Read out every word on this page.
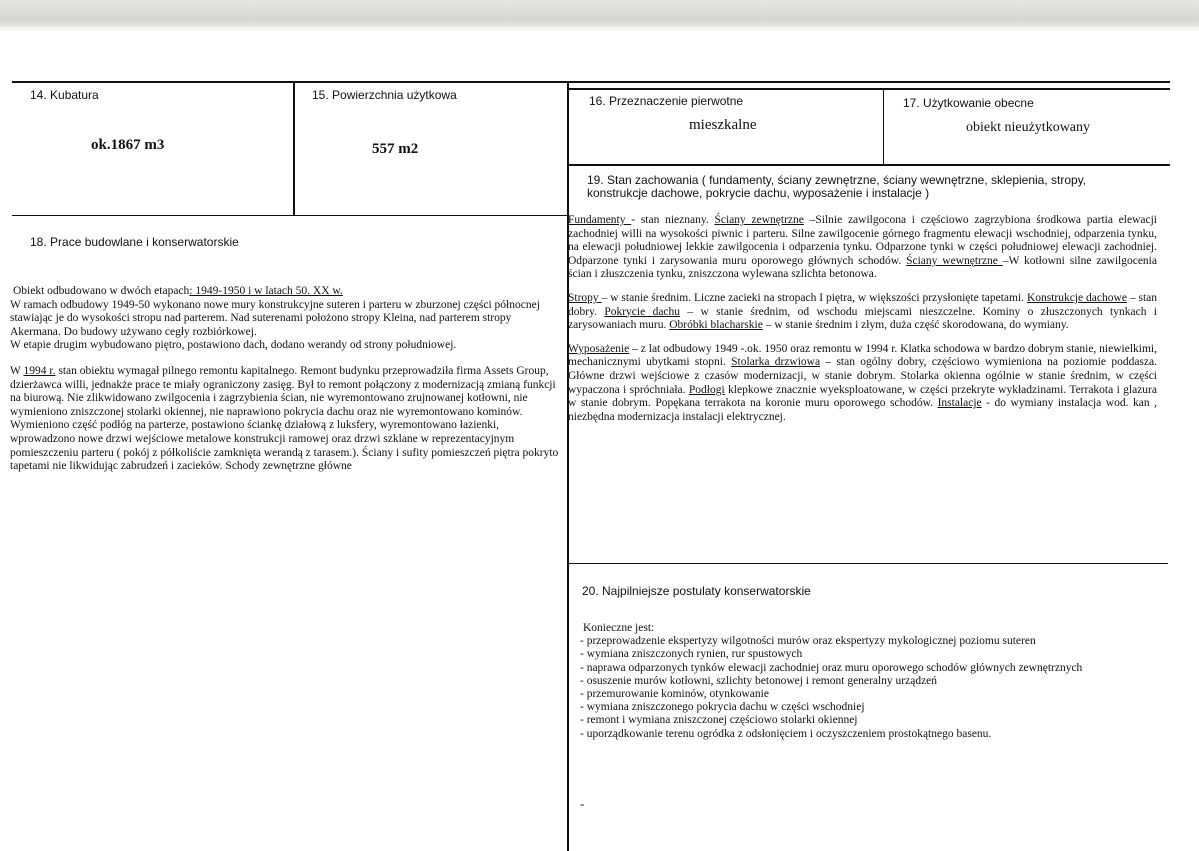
14. Kubatura
ok.1867 m3
15. Powierzchnia użytkowa
557 m2
16. Przeznaczenie pierwotne
mieszkalne
17. Użytkowanie obecne
obiekt nieużytkowany
19. Stan zachowania ( fundamenty, ściany zewnętrzne, ściany wewnętrzne, sklepienia, stropy, konstrukcje dachowe, pokrycie dachu, wyposażenie i instalacje )

Fundamenty - stan nieznany. Ściany zewnętrzne –Silnie zawilgocona i częściowo zagrzybiona środkowa partia elewacji zachodniej willi na wysokości piwnic i parteru. Silne zawilgocenie górnego fragmentu elewacji wschodniej, odparzenia tynku, na elewacji południowej lekkie zawilgocenia i odparzenia tynku. Odparzone tynki w części południowej elewacji zachodniej. Odparzone tynki i zarysowania muru oporowego głównych schodów. Ściany wewnętrzne –W kotłowni silne zawilgocenia ścian i złuszczenia tynku, zniszczona wylewana szlichta betonowa.

Stropy – w stanie średnim. Liczne zacieki na stropach I piętra, w większości przysłonięte tapetami. Konstrukcje dachowe – stan dobry. Pokrycie dachu – w stanie średnim, od wschodu miejscami nieszczelne. Kominy o złuszczonych tynkach i zarysowaniach muru. Obróbki blacharskie – w stanie średnim i złym, duża część skorodowana, do wymiany.

Wyposażenie – z lat odbudowy 1949 -.ok. 1950 oraz remontu w 1994 r. Klatka schodowa w bardzo dobrym stanie, niewielkimi, mechanicznymi ubytkami stopni. Stolarka drzwiowa – stan ogólny dobry, częściowo wymieniona na poziomie poddasza. Główne drzwi wejściowe z czasów modernizacji, w stanie dobrym. Stolarka okienna ogólnie w stanie średnim, w części wypaczona i spróchniała. Podłogi klepkowe znacznie wyeksploatowane, w części przekryte wykładzinami. Terrakota i glazura w stanie dobrym. Popękana terrakota na koronie muru oporowego schodów. Instalacje - do wymiany instalacja wod. kan , niezbędna modernizacja instalacji elektrycznej.

18. Prace budowlane i konserwatorskie

Obiekt odbudowano w dwóch etapach: 1949-1950 i w latach 50. XX w.

W ramach odbudowy 1949-50 wykonano nowe mury konstrukcyjne suteren i parteru w zburzonej części północnej stawiając je do wysokości stropu nad parterem. Nad suterenami położono stropy Kleina, nad parterem stropy Akermana. Do budowy używano cegły rozbiórkowej.

W etapie drugim wybudowano piętro, postawiono dach, dodano werandy od strony południowej.

W 1994 r. stan obiektu wymagał pilnego remontu kapitalnego. Remont budynku przeprowadziła firma Assets Group, dzierżawca willi, jednakże prace te miały ograniczony zasięg. Był to remont połączony z modernizacją zmianą funkcji na biurową. Nie zlikwidowano zwilgocenia i zagrzybienia ścian, nie wyremontowano zrujnowanej kotłowni, nie wymieniono zniszczonej stolarki okiennej, nie naprawiono pokrycia dachu oraz nie wyremontowano kominów. Wymieniono część podłóg na parterze, postawiono ściankę działową z luksfery, wyremontowano łazienki, wprowadzono nowe drzwi wejściowe metalowe konstrukcji ramowej oraz drzwi szklane w reprezentacyjnym pomieszczeniu parteru ( pokój z półkoliście zamknięta werandą z tarasem.). Ściany i sufity pomieszczeń piętra pokryto tapetami nie likwidując zabrudzeń i zacieków. Schody zewnętrzne główne

20. Najpilniejsze postulaty konserwatorskie

Konieczne jest:

- przeprowadzenie ekspertyzy wilgotności murów oraz ekspertyzy mykologicznej poziomu suteren

- wymiana zniszczonych rynien, rur spustowych

- naprawa odparzonych tynków elewacji zachodniej oraz muru oporowego schodów głównych zewnętrznych

- osuszenie murów kotłowni, szlichty betonowej i remont generalny urządzeń

- przemurowanie kominów, otynkowanie

- wymiana zniszczonego pokrycia dachu w części wschodniej

- remont i wymiana zniszczonej częściowo stolarki okiennej

- uporządkowanie terenu ogródka z odsłonięciem i oczyszczeniem prostokątnego basenu.

-
